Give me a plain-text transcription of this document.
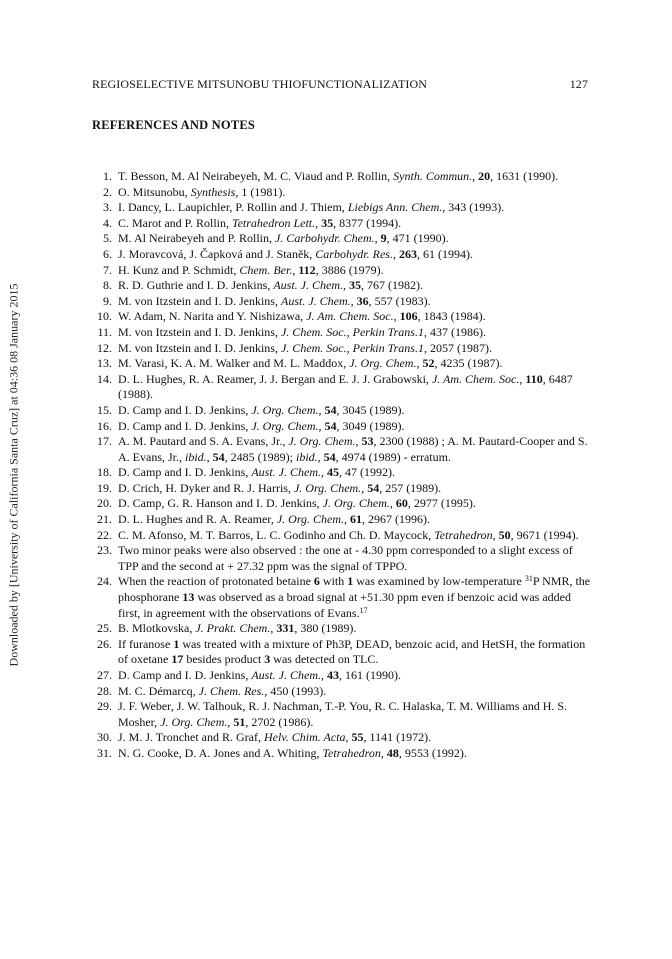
REGIOSELECTIVE MITSUNOBU THIOFUNCTIONALIZATION	127
REFERENCES AND NOTES
Downloaded by [University of California Santa Cruz] at 04:36 08 January 2015
1. T. Besson, M. Al Neirabeyeh, M. C. Viaud and P. Rollin, Synth. Commun., 20, 1631 (1990).
2. O. Mitsunobu, Synthesis, 1 (1981).
3. I. Dancy, L. Laupichler, P. Rollin and J. Thiem, Liebigs Ann. Chem., 343 (1993).
4. C. Marot and P. Rollin, Tetrahedron Lett., 35, 8377 (1994).
5. M. Al Neirabeyeh and P. Rollin, J. Carbohydr. Chem., 9, 471 (1990).
6. J. Moravcová, J. Čapková and J. Staněk, Carbohydr. Res., 263, 61 (1994).
7. H. Kunz and P. Schmidt, Chem. Ber., 112, 3886 (1979).
8. R. D. Guthrie and I. D. Jenkins, Aust. J. Chem., 35, 767 (1982).
9. M. von Itzstein and I. D. Jenkins, Aust. J. Chem., 36, 557 (1983).
10. W. Adam, N. Narita and Y. Nishizawa, J. Am. Chem. Soc., 106, 1843 (1984).
11. M. von Itzstein and I. D. Jenkins, J. Chem. Soc., Perkin Trans.1, 437 (1986).
12. M. von Itzstein and I. D. Jenkins, J. Chem. Soc., Perkin Trans.1, 2057 (1987).
13. M. Varasi, K. A. M. Walker and M. L. Maddox, J. Org. Chem., 52, 4235 (1987).
14. D. L. Hughes, R. A. Reamer, J. J. Bergan and E. J. J. Grabowski, J. Am. Chem. Soc., 110, 6487 (1988).
15. D. Camp and I. D. Jenkins, J. Org. Chem., 54, 3045 (1989).
16. D. Camp and I. D. Jenkins, J. Org. Chem., 54, 3049 (1989).
17. A. M. Pautard and S. A. Evans, Jr., J. Org. Chem., 53, 2300 (1988) ; A. M. Pautard-Cooper and S. A. Evans, Jr., ibid., 54, 2485 (1989); ibid., 54, 4974 (1989) - erratum.
18. D. Camp and I. D. Jenkins, Aust. J. Chem., 45, 47 (1992).
19. D. Crich, H. Dyker and R. J. Harris, J. Org. Chem., 54, 257 (1989).
20. D. Camp, G. R. Hanson and I. D. Jenkins, J. Org. Chem., 60, 2977 (1995).
21. D. L. Hughes and R. A. Reamer, J. Org. Chem., 61, 2967 (1996).
22. C. M. Afonso, M. T. Barros, L. C. Godinho and Ch. D. Maycock, Tetrahedron, 50, 9671 (1994).
23. Two minor peaks were also observed : the one at - 4.30 ppm corresponded to a slight excess of TPP and the second at + 27.32 ppm was the signal of TPPO.
24. When the reaction of protonated betaine 6 with 1 was examined by low-temperature $^{31}$P NMR, the phosphorane 13 was observed as a broad signal at +51.30 ppm even if benzoic acid was added first, in agreement with the observations of Evans.$^{17}$
25. B. Mlotkovska, J. Prakt. Chem., 331, 380 (1989).
26. If furanose 1 was treated with a mixture of Ph3P, DEAD, benzoic acid, and HetSH, the formation of oxetane 17 besides product 3 was detected on TLC.
27. D. Camp and I. D. Jenkins, Aust. J. Chem., 43, 161 (1990).
28. M. C. Démarcq, J. Chem. Res., 450 (1993).
29. J. F. Weber, J. W. Talhouk, R. J. Nachman, T.-P. You, R. C. Halaska, T. M. Williams and H. S. Mosher, J. Org. Chem., 51, 2702 (1986).
30. J. M. J. Tronchet and R. Graf, Helv. Chim. Acta, 55, 1141 (1972).
31. N. G. Cooke, D. A. Jones and A. Whiting, Tetrahedron, 48, 9553 (1992).
